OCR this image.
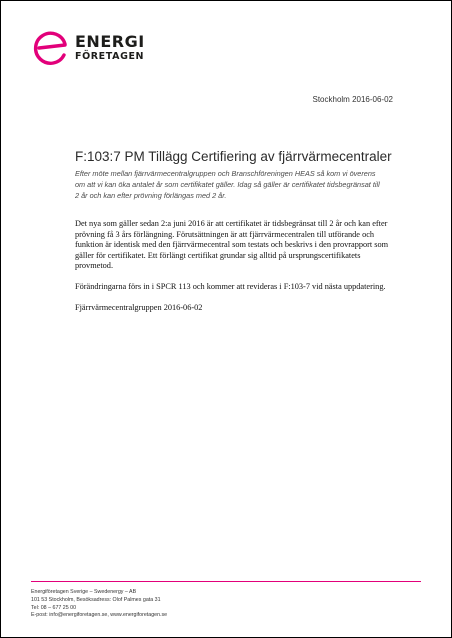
ENERGI
FÖRETAGEN
Stockholm 2016-06-02
F:103:7 PM Tillägg Certifiering av fjärrvärmecentraler
Efter möte mellan fjärrvärmecentralgruppen och Branschföreningen HEAS så kom vi överens om att vi kan öka antalet år som certifikatet gäller. Idag så gäller är certifikatet tidsbegränsat till 2 år och kan efter prövning förlängas med 2 år.

Det nya som gäller sedan 2:a juni 2016 är att certifikatet är tidsbegränsat till 2 år och kan efter prövning få 3 års förlängning. Förutsättningen är att fjärrvärmecentralen till utförande och funktion är identisk med den fjärrvärmecentral som testats och beskrivs i den provrapport som gäller för certifikatet. Ett förlängt certifikat grundar sig alltid på ursprungscertifikatets provmetod.

Förändringarna förs in i SPCR 113 och kommer att revideras i F:103-7 vid nästa uppdatering.

Fjärrvärmecentralgruppen 2016-06-02

Energiföretagen Sverige – Swedenergy – AB
101 53 Stockholm, Besöksadress: Olof Palmes gata 31
Tel: 08 – 677 25 00
E-post: info@energiforetagen.se, www.energiforetagen.se
